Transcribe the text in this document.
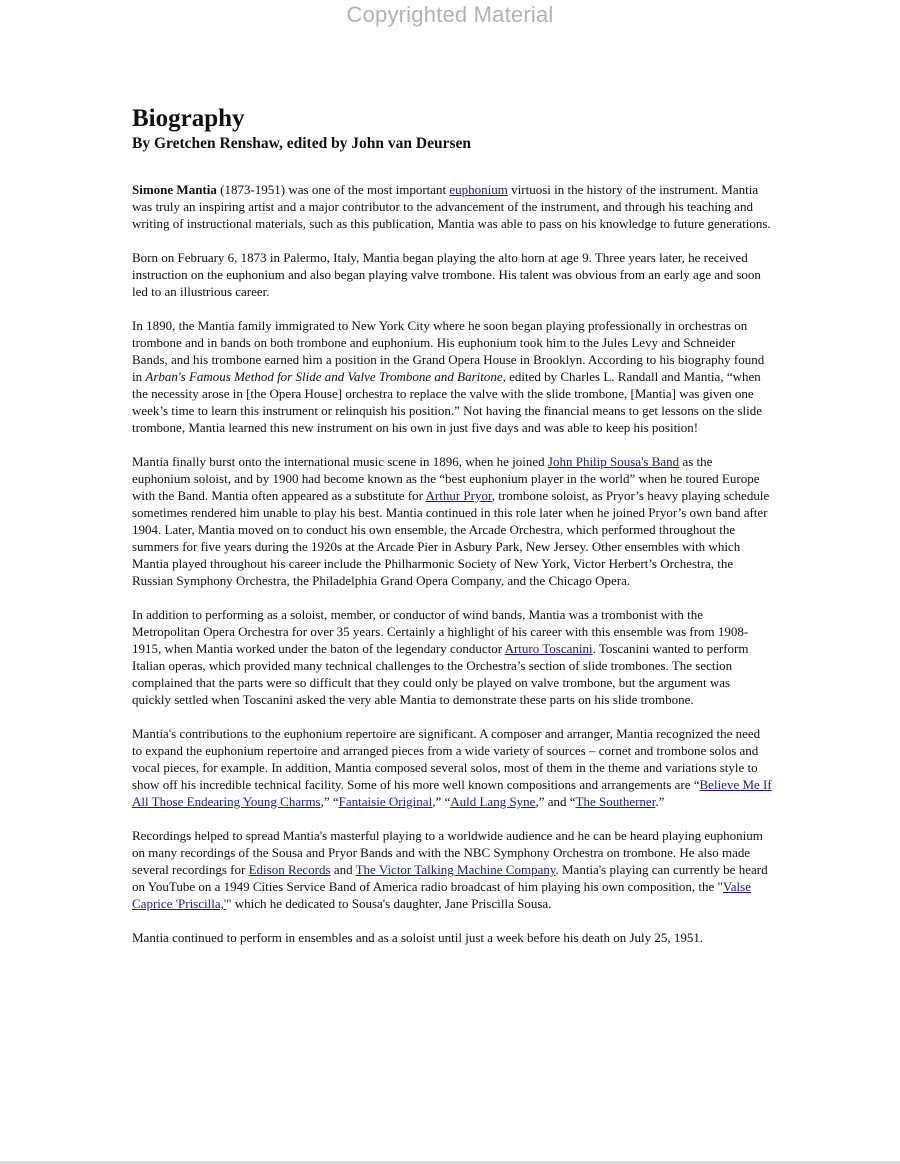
Copyrighted Material
Biography
By Gretchen Renshaw, edited by John van Deursen

Simone Mantia (1873-1951) was one of the most important euphonium virtuosi in the history of the instrument. Mantia was truly an inspiring artist and a major contributor to the advancement of the instrument, and through his teaching and writing of instructional materials, such as this publication, Mantia was able to pass on his knowledge to future generations.

Born on February 6, 1873 in Palermo, Italy, Mantia began playing the alto horn at age 9. Three years later, he received instruction on the euphonium and also began playing valve trombone. His talent was obvious from an early age and soon led to an illustrious career.

In 1890, the Mantia family immigrated to New York City where he soon began playing professionally in orchestras on trombone and in bands on both trombone and euphonium. His euphonium took him to the Jules Levy and Schneider Bands, and his trombone earned him a position in the Grand Opera House in Brooklyn. According to his biography found in Arban's Famous Method for Slide and Valve Trombone and Baritone, edited by Charles L. Randall and Mantia, “when the necessity arose in [the Opera House] orchestra to replace the valve with the slide trombone, [Mantia] was given one week’s time to learn this instrument or relinquish his position.” Not having the financial means to get lessons on the slide trombone, Mantia learned this new instrument on his own in just five days and was able to keep his position!

Mantia finally burst onto the international music scene in 1896, when he joined John Philip Sousa's Band as the euphonium soloist, and by 1900 had become known as the “best euphonium player in the world” when he toured Europe with the Band. Mantia often appeared as a substitute for Arthur Pryor, trombone soloist, as Pryor’s heavy playing schedule sometimes rendered him unable to play his best. Mantia continued in this role later when he joined Pryor’s own band after 1904. Later, Mantia moved on to conduct his own ensemble, the Arcade Orchestra, which performed throughout the summers for five years during the 1920s at the Arcade Pier in Asbury Park, New Jersey. Other ensembles with which Mantia played throughout his career include the Philharmonic Society of New York, Victor Herbert’s Orchestra, the Russian Symphony Orchestra, the Philadelphia Grand Opera Company, and the Chicago Opera.

In addition to performing as a soloist, member, or conductor of wind bands, Mantia was a trombonist with the Metropolitan Opera Orchestra for over 35 years. Certainly a highlight of his career with this ensemble was from 1908-1915, when Mantia worked under the baton of the legendary conductor Arturo Toscanini. Toscanini wanted to perform Italian operas, which provided many technical challenges to the Orchestra’s section of slide trombones. The section complained that the parts were so difficult that they could only be played on valve trombone, but the argument was quickly settled when Toscanini asked the very able Mantia to demonstrate these parts on his slide trombone.

Mantia's contributions to the euphonium repertoire are significant. A composer and arranger, Mantia recognized the need to expand the euphonium repertoire and arranged pieces from a wide variety of sources – cornet and trombone solos and vocal pieces, for example. In addition, Mantia composed several solos, most of them in the theme and variations style to show off his incredible technical facility. Some of his more well known compositions and arrangements are “Believe Me If All Those Endearing Young Charms,” “Fantaisie Original,” “Auld Lang Syne,” and “The Southerner.”

Recordings helped to spread Mantia's masterful playing to a worldwide audience and he can be heard playing euphonium on many recordings of the Sousa and Pryor Bands and with the NBC Symphony Orchestra on trombone. He also made several recordings for Edison Records and The Victor Talking Machine Company. Mantia's playing can currently be heard on YouTube on a 1949 Cities Service Band of America radio broadcast of him playing his own composition, the "Valse Caprice 'Priscilla,'" which he dedicated to Sousa's daughter, Jane Priscilla Sousa.

Mantia continued to perform in ensembles and as a soloist until just a week before his death on July 25, 1951.
